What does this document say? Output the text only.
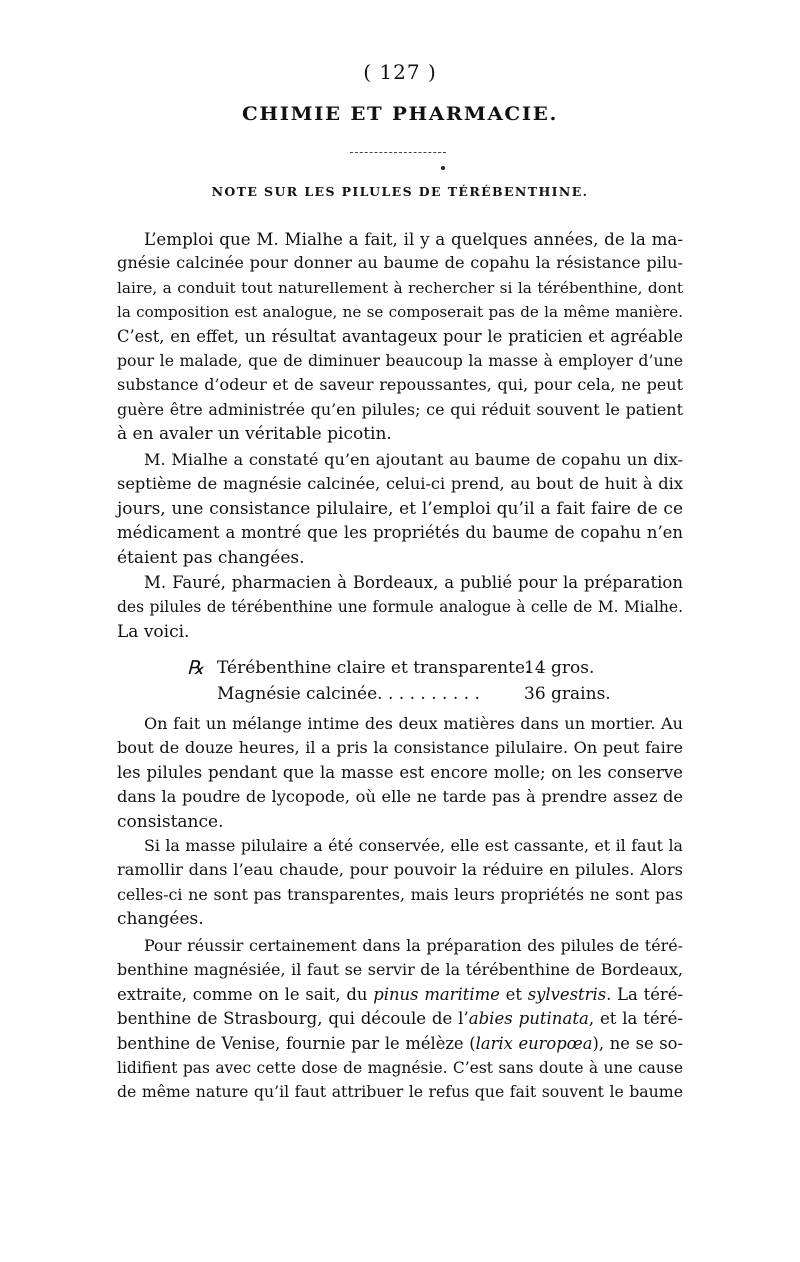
( 127 )
CHIMIE ET PHARMACIE.
NOTE SUR LES PILULES DE TÉRÉBENTHINE.
L’emploi que M. Mialhe a fait, il y a quelques années, de la ma-
gnésie calcinée pour donner au baume de copahu la résistance pilu-
laire, a conduit tout naturellement à rechercher si la térébenthine, dont
la composition est analogue, ne se composerait pas de la même manière.
C’est, en effet, un résultat avantageux pour le praticien et agréable
pour le malade, que de diminuer beaucoup la masse à employer d’une
substance d’odeur et de saveur repoussantes, qui, pour cela, ne peut
guère être administrée qu’en pilules; ce qui réduit souvent le patient
à en avaler un véritable picotin.
M. Mialhe a constaté qu’en ajoutant au baume de copahu un dix-
septième de magnésie calcinée, celui-ci prend, au bout de huit à dix
jours, une consistance pilulaire, et l’emploi qu’il a fait faire de ce
médicament a montré que les propriétés du baume de copahu n’en
étaient pas changées.
M. Fauré, pharmacien à Bordeaux, a publié pour la préparation
des pilules de térébenthine une formule analogue à celle de M. Mialhe.
La voici.
℞ Térébenthine claire et transparente. .
14 gros.
Magnésie calcinée. . . . . . . . . .	36 grains.
On fait un mélange intime des deux matières dans un mortier. Au
bout de douze heures, il a pris la consistance pilulaire. On peut faire
les pilules pendant que la masse est encore molle; on les conserve
dans la poudre de lycopode, où elle ne tarde pas à prendre assez de
consistance.
Si la masse pilulaire a été conservée, elle est cassante, et il faut la
ramollir dans l’eau chaude, pour pouvoir la réduire en pilules. Alors
celles-ci ne sont pas transparentes, mais leurs propriétés ne sont pas
changées.
Pour réussir certainement dans la préparation des pilules de téré-
benthine magnésiée, il faut se servir de la térébenthine de Bordeaux,
extraite, comme on le sait, du pinus maritime et sylvestris. La téré-
benthine de Strasbourg, qui découle de l’abies putinata, et la téré-
benthine de Venise, fournie par le mélèze (larix europœa), ne se so-
lidifient pas avec cette dose de magnésie. C’est sans doute à une cause
de même nature qu’il faut attribuer le refus que fait souvent le baume
